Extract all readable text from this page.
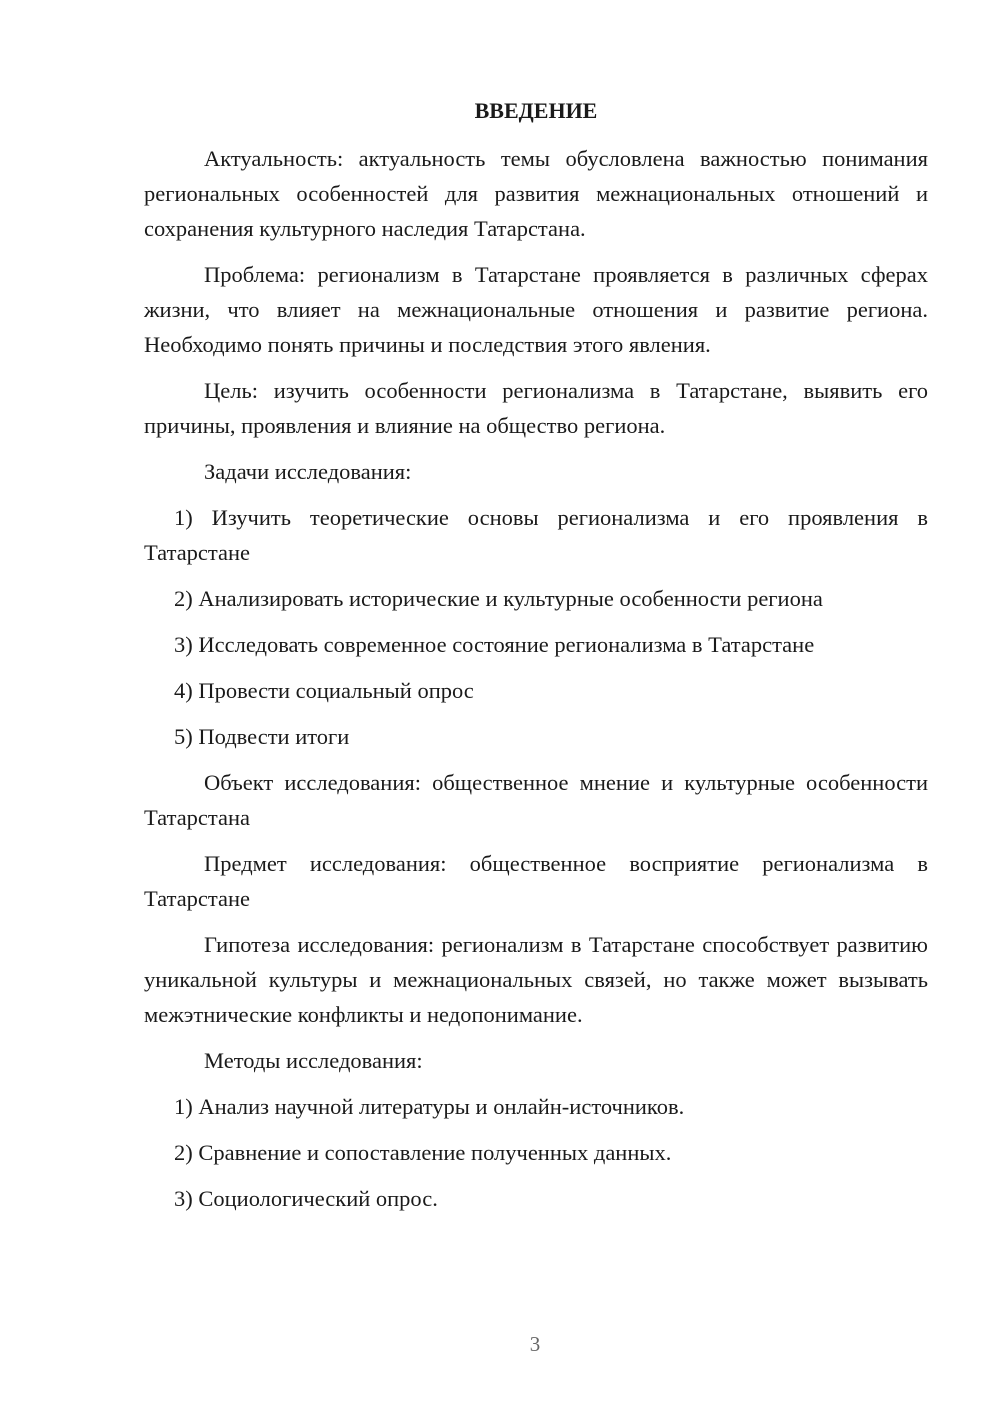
ВВЕДЕНИЕ

Актуальность: актуальность темы обусловлена важностью понимания региональных особенностей для развития межнациональных отношений и сохранения культурного наследия Татарстана.

Проблема: регионализм в Татарстане проявляется в различных сферах жизни, что влияет на межнациональные отношения и развитие региона. Необходимо понять причины и последствия этого явления.

Цель: изучить особенности регионализма в Татарстане, выявить его причины, проявления и влияние на общество региона.

Задачи исследования:

1) Изучить теоретические основы регионализма и его проявления в Татарстане

2) Анализировать исторические и культурные особенности региона

3) Исследовать современное состояние регионализма в Татарстане

4) Провести социальный опрос

5) Подвести итоги

Объект исследования: общественное мнение и культурные особенности Татарстана

Предмет исследования: общественное восприятие регионализма в Татарстане

Гипотеза исследования: регионализм в Татарстане способствует развитию уникальной культуры и межнациональных связей, но также может вызывать межэтнические конфликты и недопонимание.

Методы исследования:

1) Анализ научной литературы и онлайн-источников.

2) Сравнение и сопоставление полученных данных.

3) Социологический опрос.

3
